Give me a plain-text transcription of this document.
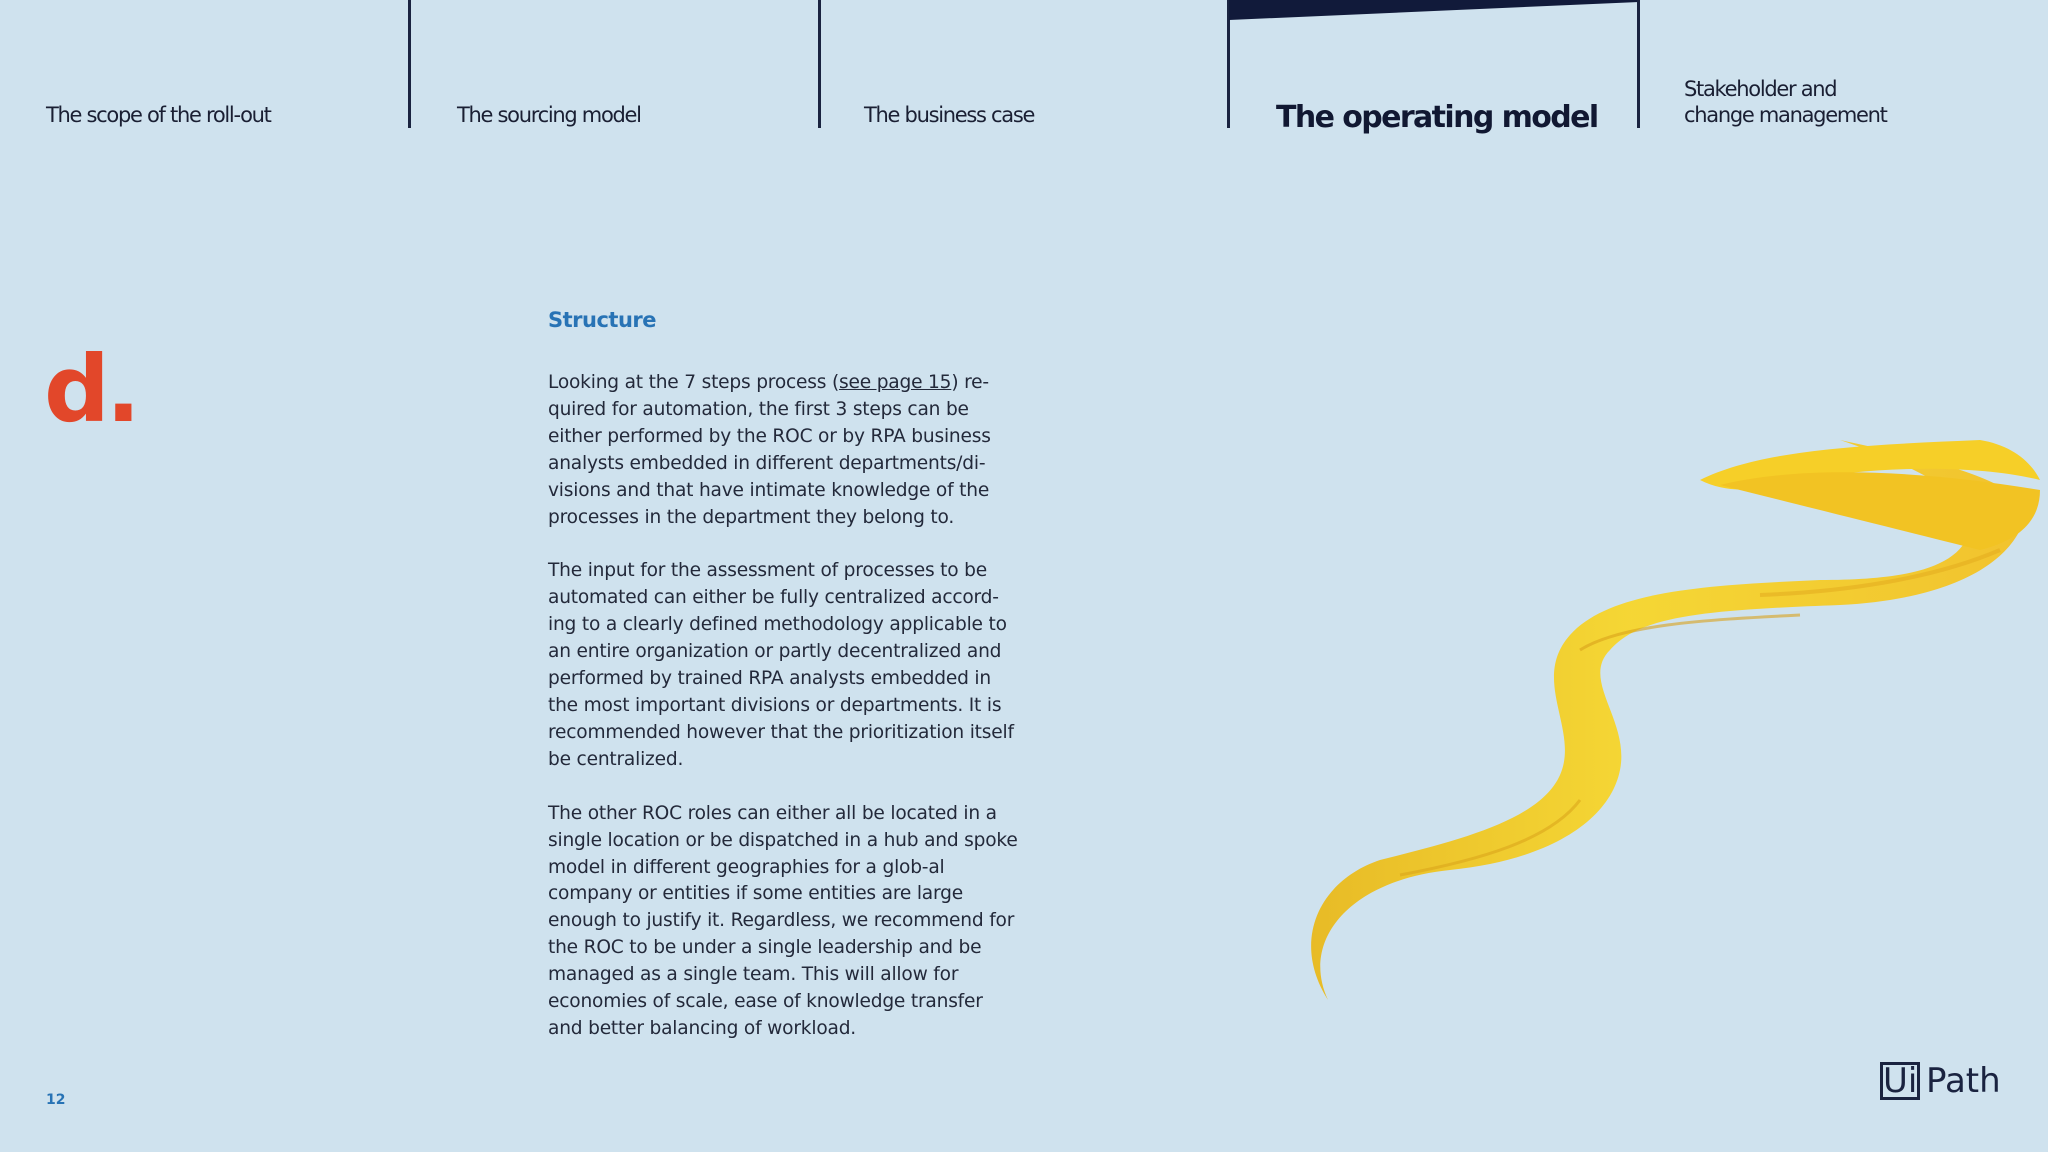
The scope of the roll-out	The sourcing model	The business case	The operating model
Stakeholder and
change management
d.
Structure

Looking at the 7 steps process (see page 15) re-quired for automation, the first 3 steps can be either performed by the ROC or by RPA business analysts embedded in different departments/di-visions and that have intimate knowledge of the processes in the department they belong to.

The input for the assessment of processes to be automated can either be fully centralized accord-ing to a clearly defined methodology applicable to an entire organization or partly decentralized and performed by trained RPA analysts embedded in the most important divisions or departments. It is recommended however that the prioritization itself be centralized.

The other ROC roles can either all be located in a single location or be dispatched in a hub and spoke model in different geographies for a glob-al company or entities if some entities are large enough to justify it. Regardless, we recommend for the ROC to be under a single leadership and be managed as a single team. This will allow for economies of scale, ease of knowledge transfer and better balancing of workload.

12	Ui Path
